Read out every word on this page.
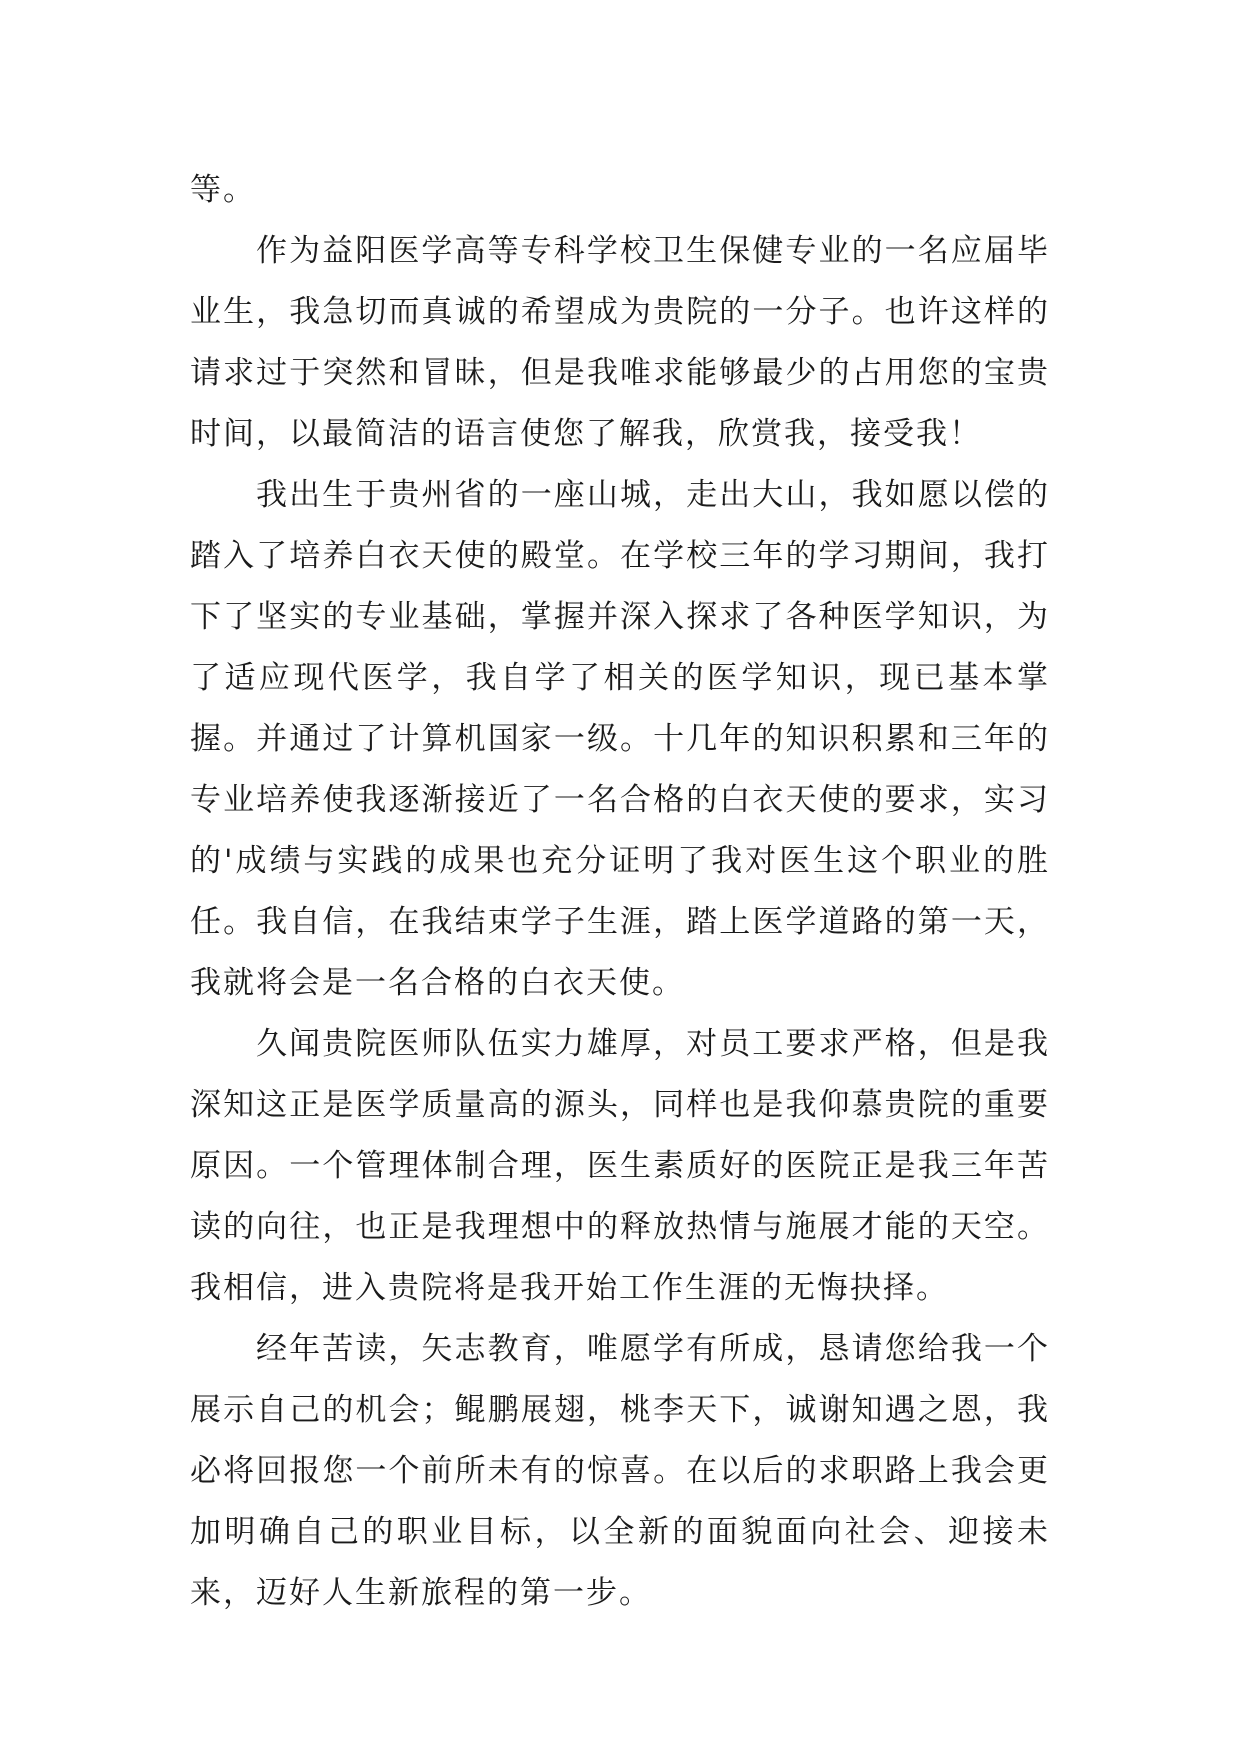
等。

作为益阳医学高等专科学校卫生保健专业的一名应届毕业生，我急切而真诚的希望成为贵院的一分子。也许这样的请求过于突然和冒昧，但是我唯求能够最少的占用您的宝贵时间，以最简洁的语言使您了解我，欣赏我，接受我！

我出生于贵州省的一座山城，走出大山，我如愿以偿的踏入了培养白衣天使的殿堂。在学校三年的学习期间，我打下了坚实的专业基础，掌握并深入探求了各种医学知识，为了适应现代医学，我自学了相关的医学知识，现已基本掌握。并通过了计算机国家一级。十几年的知识积累和三年的专业培养使我逐渐接近了一名合格的白衣天使的要求，实习的'成绩与实践的成果也充分证明了我对医生这个职业的胜任。我自信，在我结束学子生涯，踏上医学道路的第一天，我就将会是一名合格的白衣天使。

久闻贵院医师队伍实力雄厚，对员工要求严格，但是我深知这正是医学质量高的源头，同样也是我仰慕贵院的重要原因。一个管理体制合理，医生素质好的医院正是我三年苦读的向往，也正是我理想中的释放热情与施展才能的天空。我相信，进入贵院将是我开始工作生涯的无悔抉择。

经年苦读，矢志教育，唯愿学有所成，恳请您给我一个展示自己的机会；鲲鹏展翅，桃李天下，诚谢知遇之恩，我必将回报您一个前所未有的惊喜。在以后的求职路上我会更加明确自己的职业目标，以全新的面貌面向社会、迎接未来，迈好人生新旅程的第一步。
